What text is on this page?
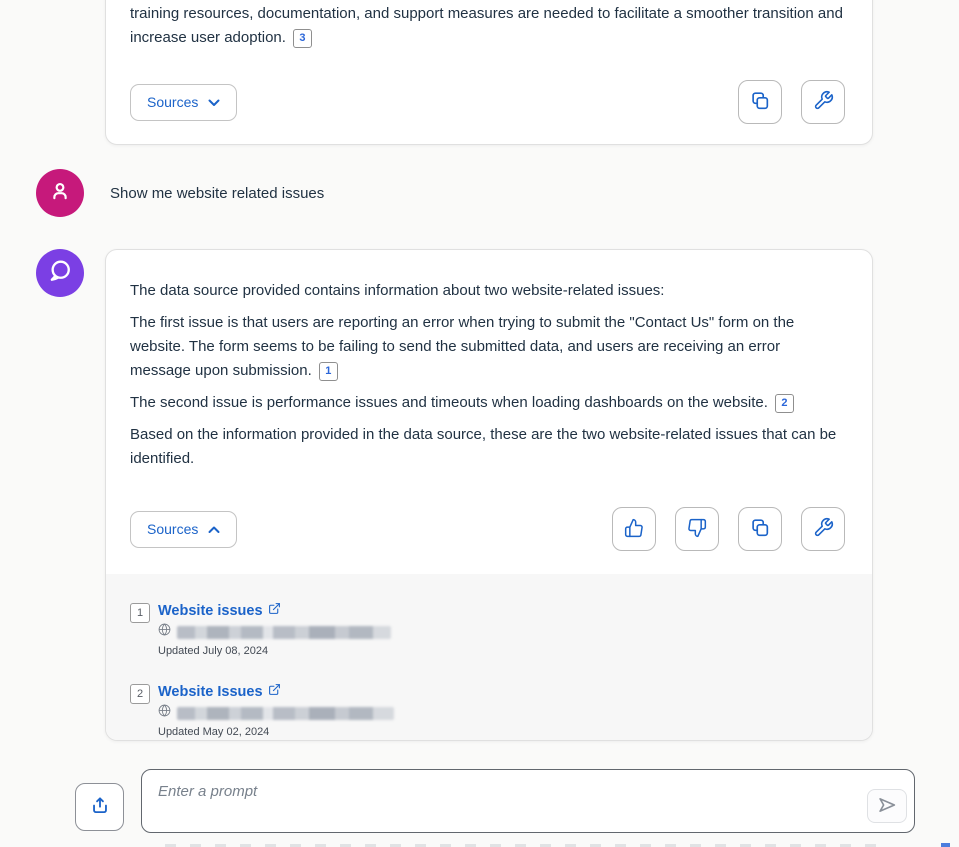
training resources, documentation, and support measures are needed to facilitate a smoother transition and increase user adoption. 3

Sources
Show me website related issues

The data source provided contains information about two website-related issues:

The first issue is that users are reporting an error when trying to submit the "Contact Us" form on the website. The form seems to be failing to send the submitted data, and users are receiving an error message upon submission. 1

The second issue is performance issues and timeouts when loading dashboards on the website. 2

Based on the information provided in the data source, these are the two website-related issues that can be identified.

Sources
1	Website issues
Updated July 08, 2024
2	Website Issues
Updated May 02, 2024
Enter a prompt
